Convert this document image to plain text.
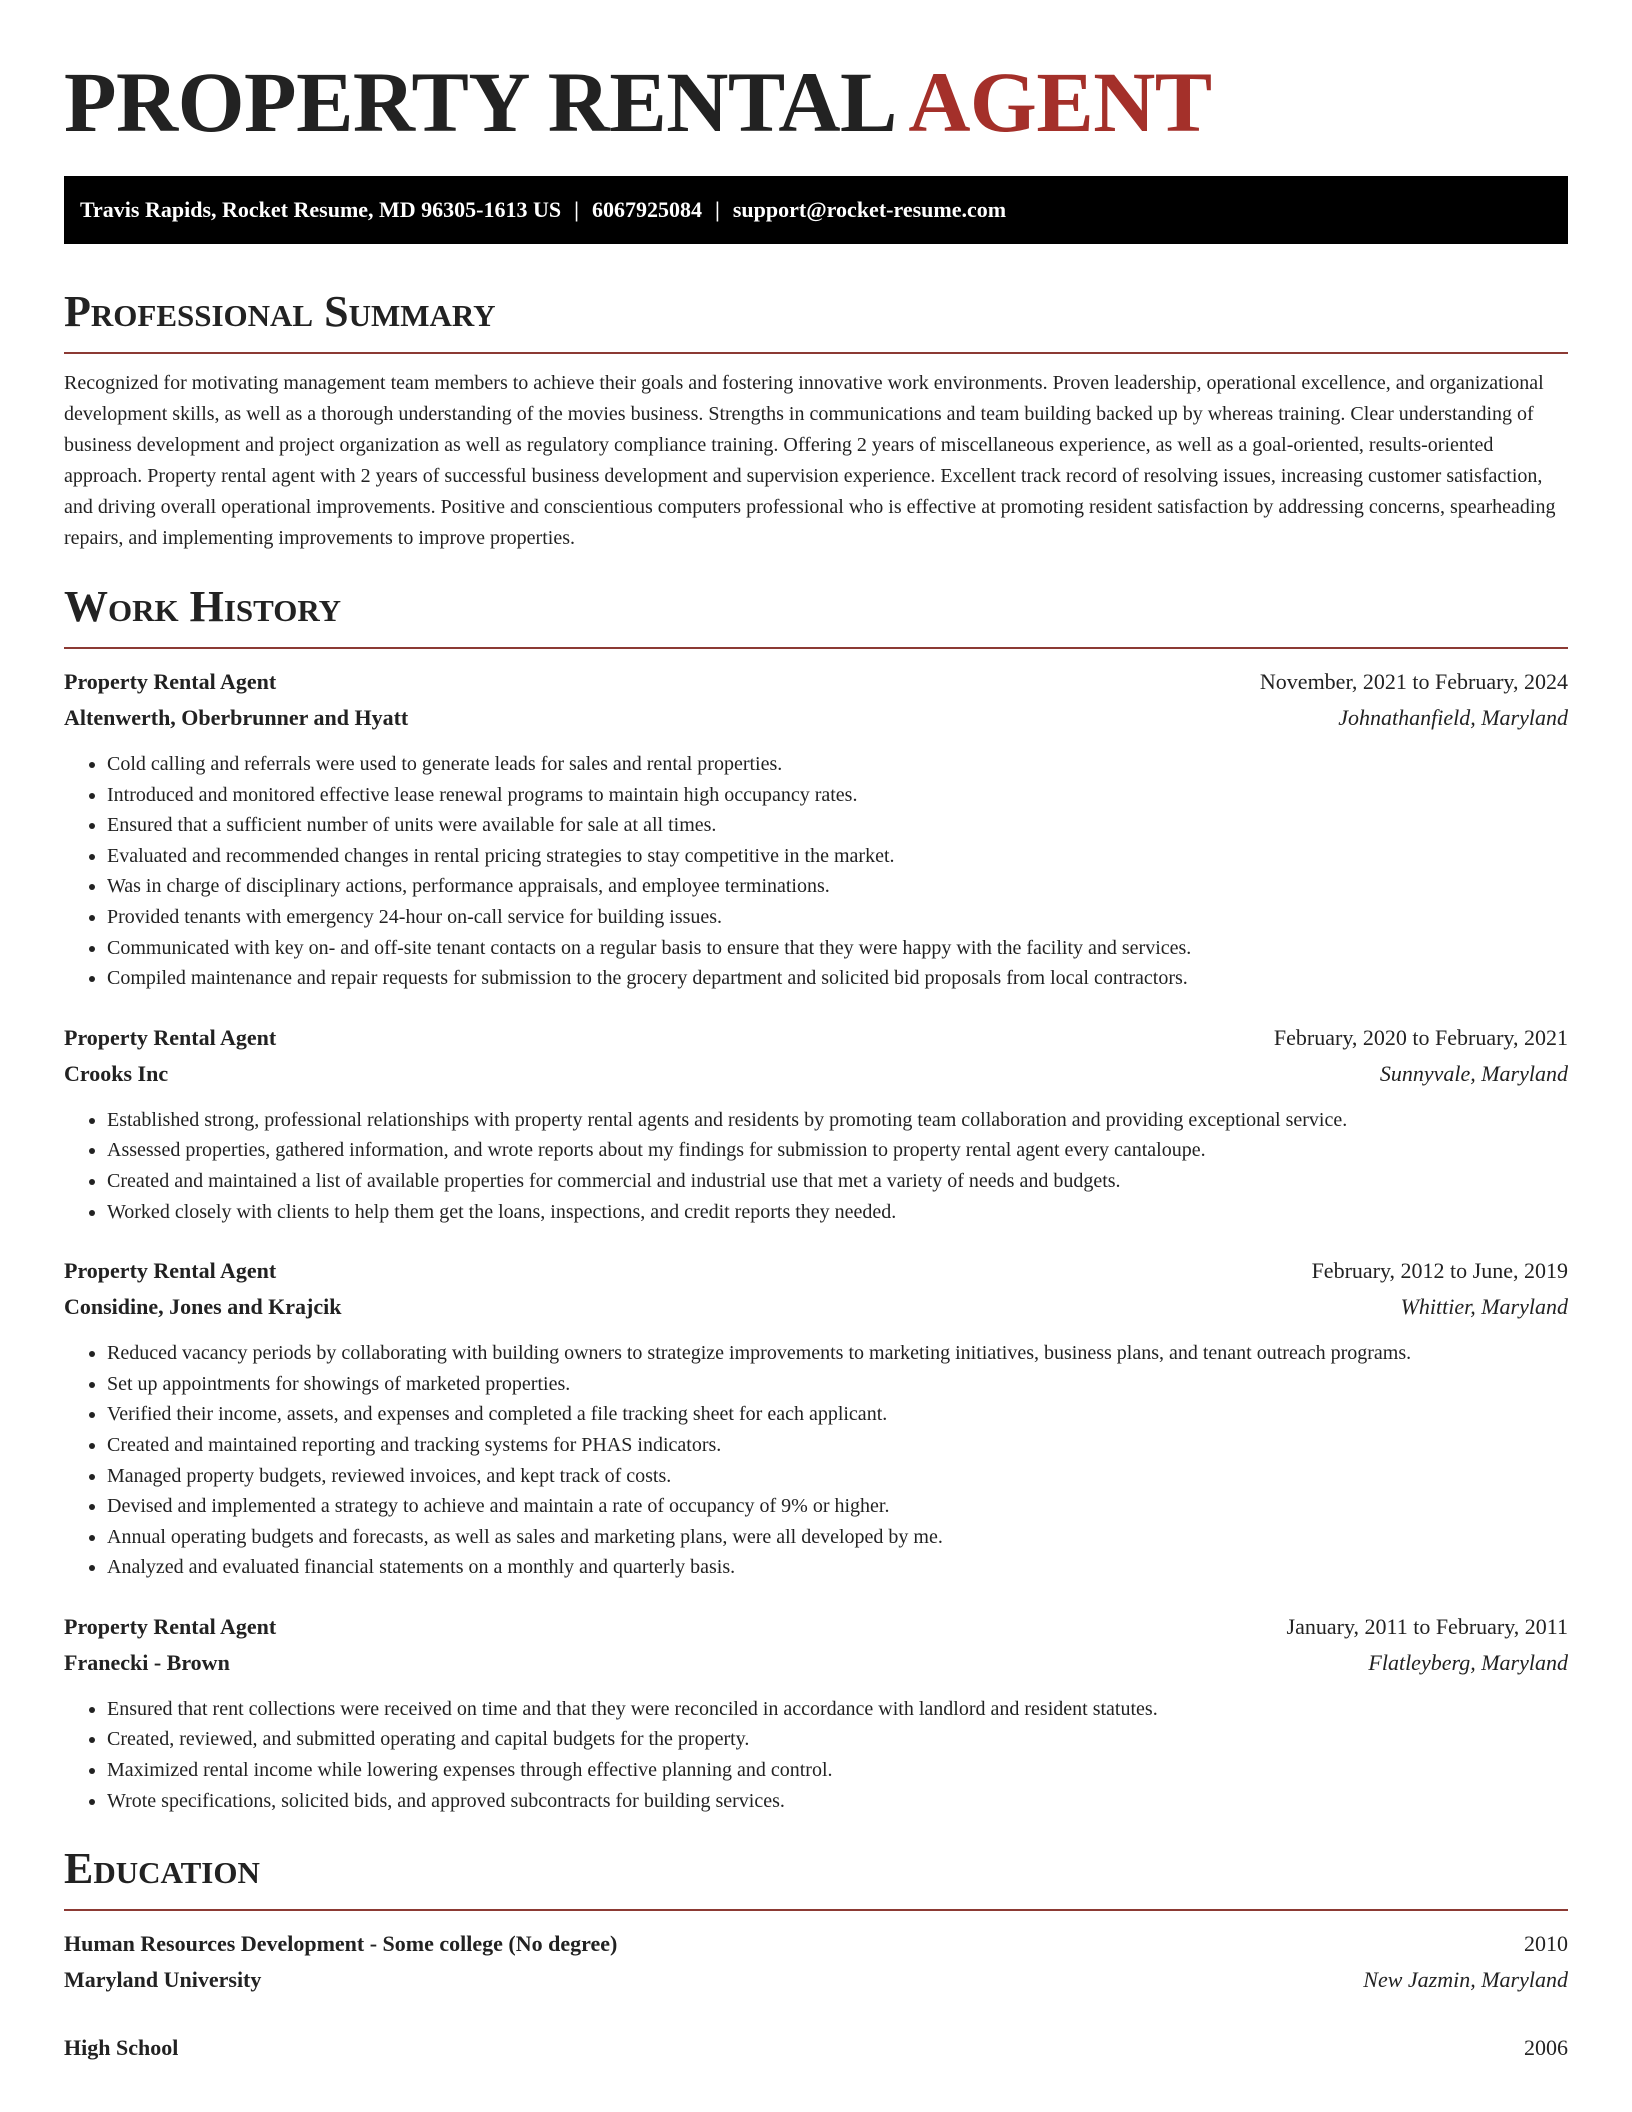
PROPERTY RENTAL AGENT
Travis Rapids, Rocket Resume, MD 96305-1613 US | 6067925084 | support@rocket-resume.com
Professional Summary

Recognized for motivating management team members to achieve their goals and fostering innovative work environments. Proven leadership, operational excellence, and organizational development skills, as well as a thorough understanding of the movies business. Strengths in communications and team building backed up by whereas training. Clear understanding of business development and project organization as well as regulatory compliance training. Offering 2 years of miscellaneous experience, as well as a goal-oriented, results-oriented approach. Property rental agent with 2 years of successful business development and supervision experience. Excellent track record of resolving issues, increasing customer satisfaction, and driving overall operational improvements. Positive and conscientious computers professional who is effective at promoting resident satisfaction by addressing concerns, spearheading repairs, and implementing improvements to improve properties.

Work History
Property Rental Agent	November, 2021 to February, 2024
Altenwerth, Oberbrunner and Hyatt	Johnathanfield, Maryland
• Cold calling and referrals were used to generate leads for sales and rental properties.
• Introduced and monitored effective lease renewal programs to maintain high occupancy rates.
• Ensured that a sufficient number of units were available for sale at all times.
• Evaluated and recommended changes in rental pricing strategies to stay competitive in the market.
• Was in charge of disciplinary actions, performance appraisals, and employee terminations.
• Provided tenants with emergency 24-hour on-call service for building issues.
• Communicated with key on- and off-site tenant contacts on a regular basis to ensure that they were happy with the facility and services.
• Compiled maintenance and repair requests for submission to the grocery department and solicited bid proposals from local contractors.
Property Rental Agent	February, 2020 to February, 2021
Crooks Inc	Sunnyvale, Maryland
• Established strong, professional relationships with property rental agents and residents by promoting team collaboration and providing exceptional service.
• Assessed properties, gathered information, and wrote reports about my findings for submission to property rental agent every cantaloupe.
• Created and maintained a list of available properties for commercial and industrial use that met a variety of needs and budgets.
• Worked closely with clients to help them get the loans, inspections, and credit reports they needed.
Property Rental Agent	February, 2012 to June, 2019
Considine, Jones and Krajcik	Whittier, Maryland
• Reduced vacancy periods by collaborating with building owners to strategize improvements to marketing initiatives, business plans, and tenant outreach programs.
• Set up appointments for showings of marketed properties.
• Verified their income, assets, and expenses and completed a file tracking sheet for each applicant.
• Created and maintained reporting and tracking systems for PHAS indicators.
• Managed property budgets, reviewed invoices, and kept track of costs.
• Devised and implemented a strategy to achieve and maintain a rate of occupancy of 9% or higher.
• Annual operating budgets and forecasts, as well as sales and marketing plans, were all developed by me.
• Analyzed and evaluated financial statements on a monthly and quarterly basis.
Property Rental Agent	January, 2011 to February, 2011
Franecki - Brown	Flatleyberg, Maryland
• Ensured that rent collections were received on time and that they were reconciled in accordance with landlord and resident statutes.
• Created, reviewed, and submitted operating and capital budgets for the property.
• Maximized rental income while lowering expenses through effective planning and control.
• Wrote specifications, solicited bids, and approved subcontracts for building services.
Education
Human Resources Development - Some college (No degree)	2010
Maryland University	New Jazmin, Maryland
High School	2006
